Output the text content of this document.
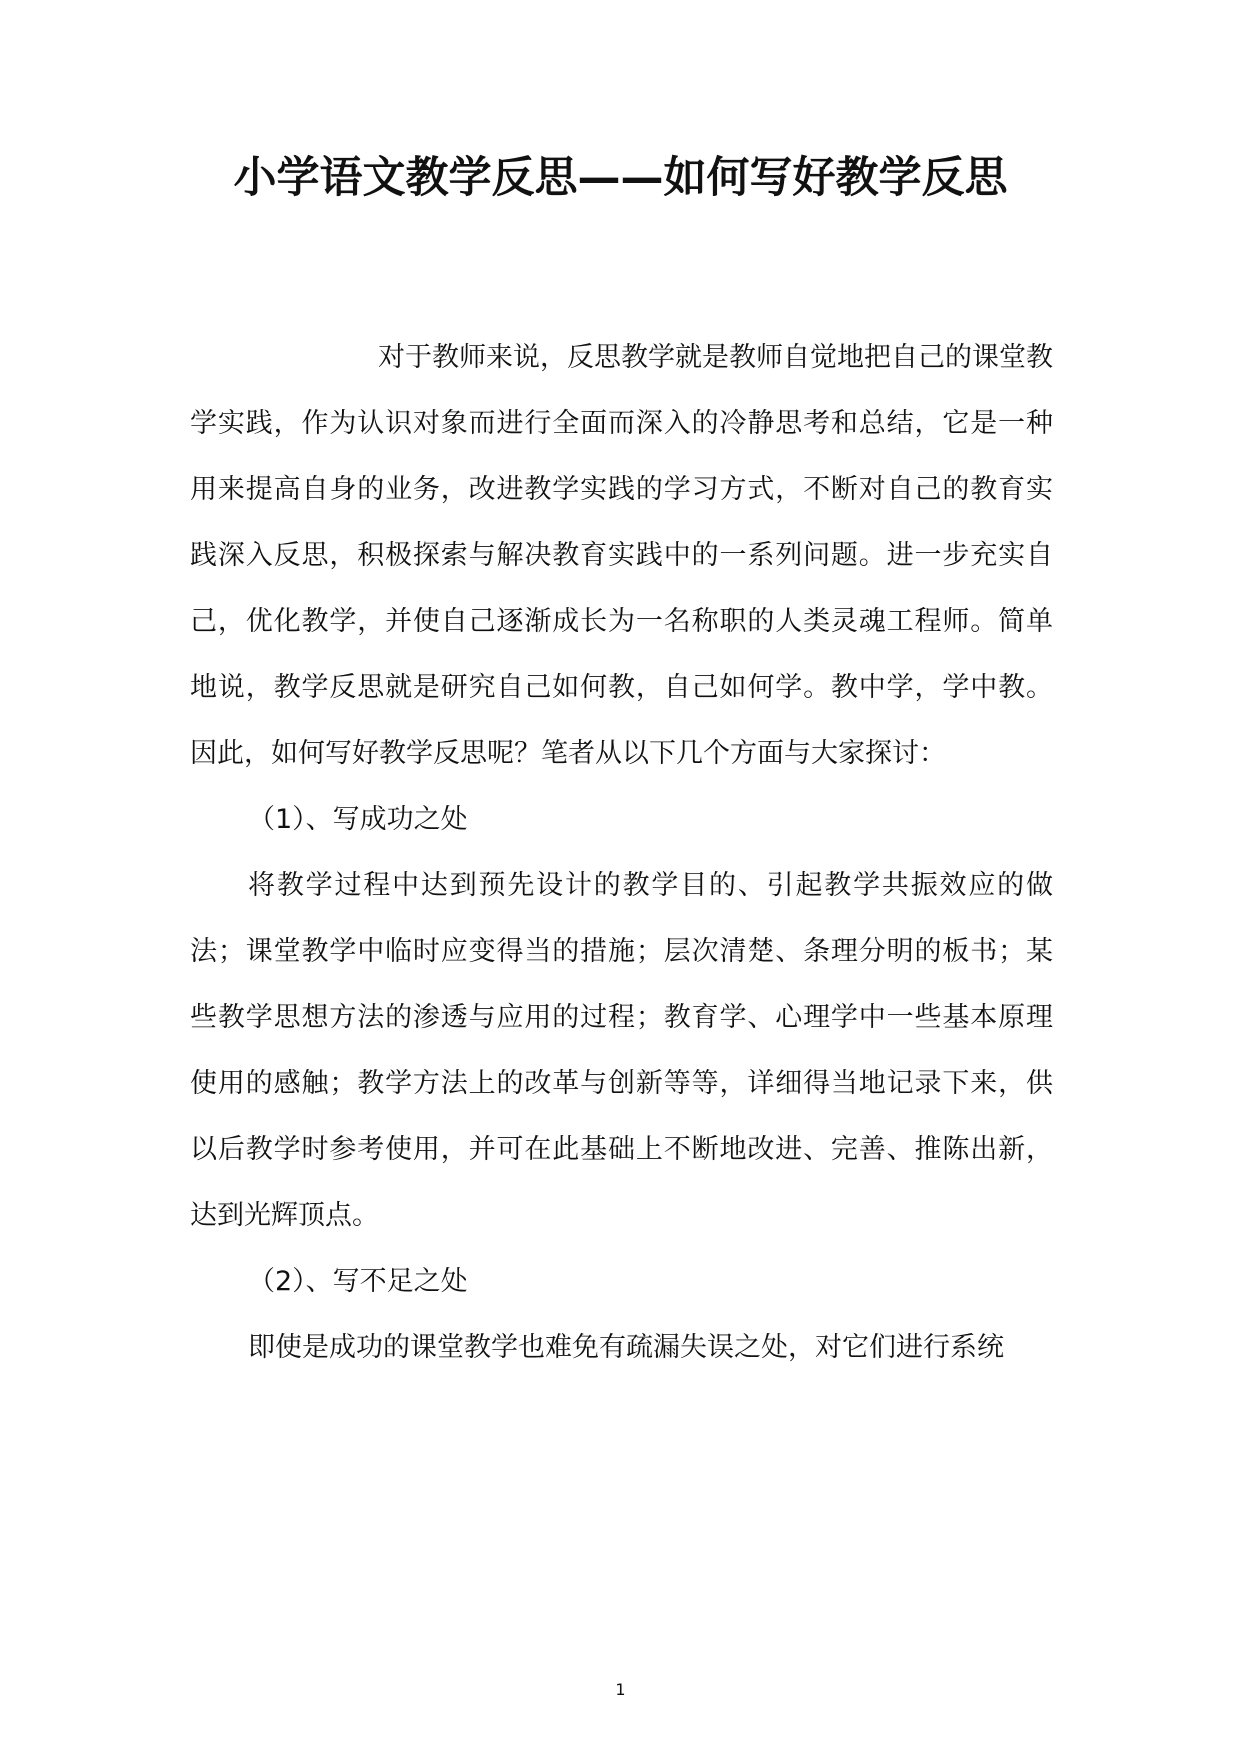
小学语文教学反思——如何写好教学反思

对于教师来说，反思教学就是教师自觉地把自己的课堂教学实践，作为认识对象而进行全面而深入的冷静思考和总结，它是一种用来提高自身的业务，改进教学实践的学习方式，不断对自己的教育实践深入反思，积极探索与解决教育实践中的一系列问题。进一步充实自己，优化教学，并使自己逐渐成长为一名称职的人类灵魂工程师。简单地说，教学反思就是研究自己如何教，自己如何学。教中学，学中教。因此，如何写好教学反思呢？笔者从以下几个方面与大家探讨：

（1）、写成功之处

将教学过程中达到预先设计的教学目的、引起教学共振效应的做法；课堂教学中临时应变得当的措施；层次清楚、条理分明的板书；某些教学思想方法的渗透与应用的过程；教育学、心理学中一些基本原理使用的感触；教学方法上的改革与创新等等，详细得当地记录下来，供以后教学时参考使用，并可在此基础上不断地改进、完善、推陈出新，达到光辉顶点。

（2）、写不足之处

即使是成功的课堂教学也难免有疏漏失误之处，对它们进行系统

1
